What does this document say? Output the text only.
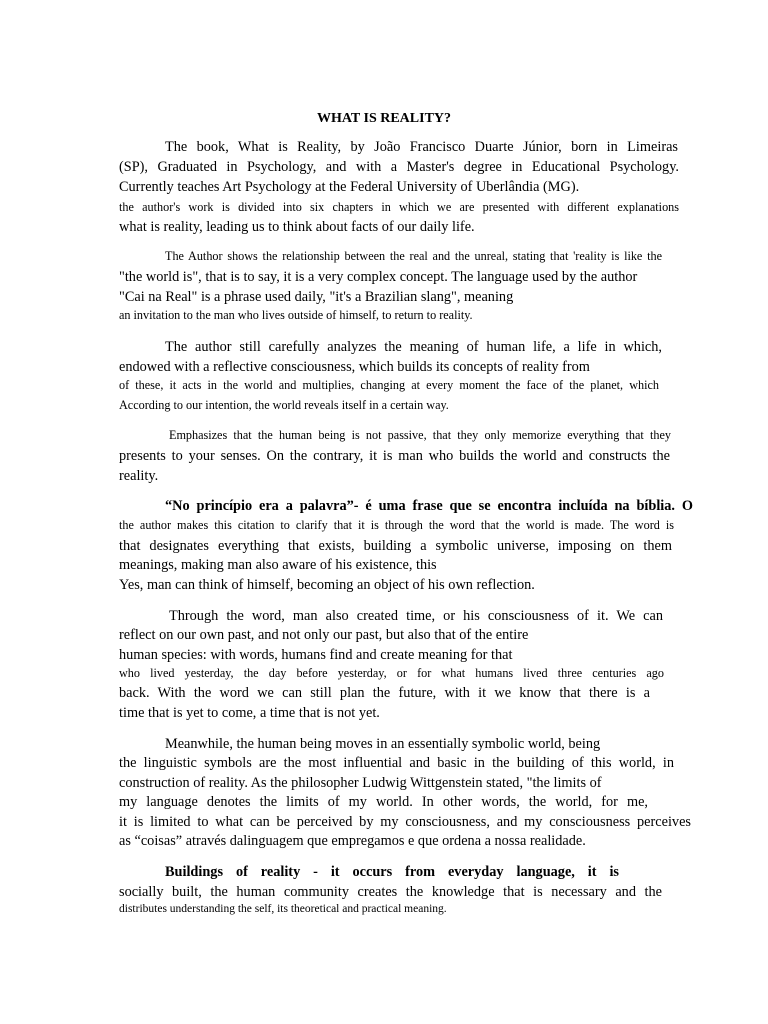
WHAT IS REALITY?
The book, What is Reality, by João Francisco Duarte Júnior, born in Limeiras
(SP), Graduated in Psychology, and with a Master's degree in Educational Psychology.
Currently teaches Art Psychology at the Federal University of Uberlândia (MG).
the author's work is divided into six chapters in which we are presented with different explanations
what is reality, leading us to think about facts of our daily life.
The Author shows the relationship between the real and the unreal, stating that 'reality is like the
"the world is", that is to say, it is a very complex concept. The language used by the author
"Cai na Real" is a phrase used daily, "it's a Brazilian slang", meaning
an invitation to the man who lives outside of himself, to return to reality.
The author still carefully analyzes the meaning of human life, a life in which,
endowed with a reflective consciousness, which builds its concepts of reality from
of these, it acts in the world and multiplies, changing at every moment the face of the planet, which
According to our intention, the world reveals itself in a certain way.
Emphasizes that the human being is not passive, that they only memorize everything that they
presents to your senses. On the contrary, it is man who builds the world and constructs the
reality.
“No princípio era a palavra”- é uma frase que se encontra incluída na bíblia. O
the author makes this citation to clarify that it is through the word that the world is made. The word is
that designates everything that exists, building a symbolic universe, imposing on them
meanings, making man also aware of his existence, this
Yes, man can think of himself, becoming an object of his own reflection.
Through the word, man also created time, or his consciousness of it. We can
reflect on our own past, and not only our past, but also that of the entire
human species: with words, humans find and create meaning for that
who lived yesterday, the day before yesterday, or for what humans lived three centuries ago
back. With the word we can still plan the future, with it we know that there is a
time that is yet to come, a time that is not yet.
Meanwhile, the human being moves in an essentially symbolic world, being
the linguistic symbols are the most influential and basic in the building of this world, in
construction of reality. As the philosopher Ludwig Wittgenstein stated, "the limits of
my language denotes the limits of my world. In other words, the world, for me,
it is limited to what can be perceived by my consciousness, and my consciousness perceives
as “coisas” através dalinguagem que empregamos e que ordena a nossa realidade.
Buildings of reality - it occurs from everyday language, it is
socially built, the human community creates the knowledge that is necessary and the
distributes understanding the self, its theoretical and practical meaning.
